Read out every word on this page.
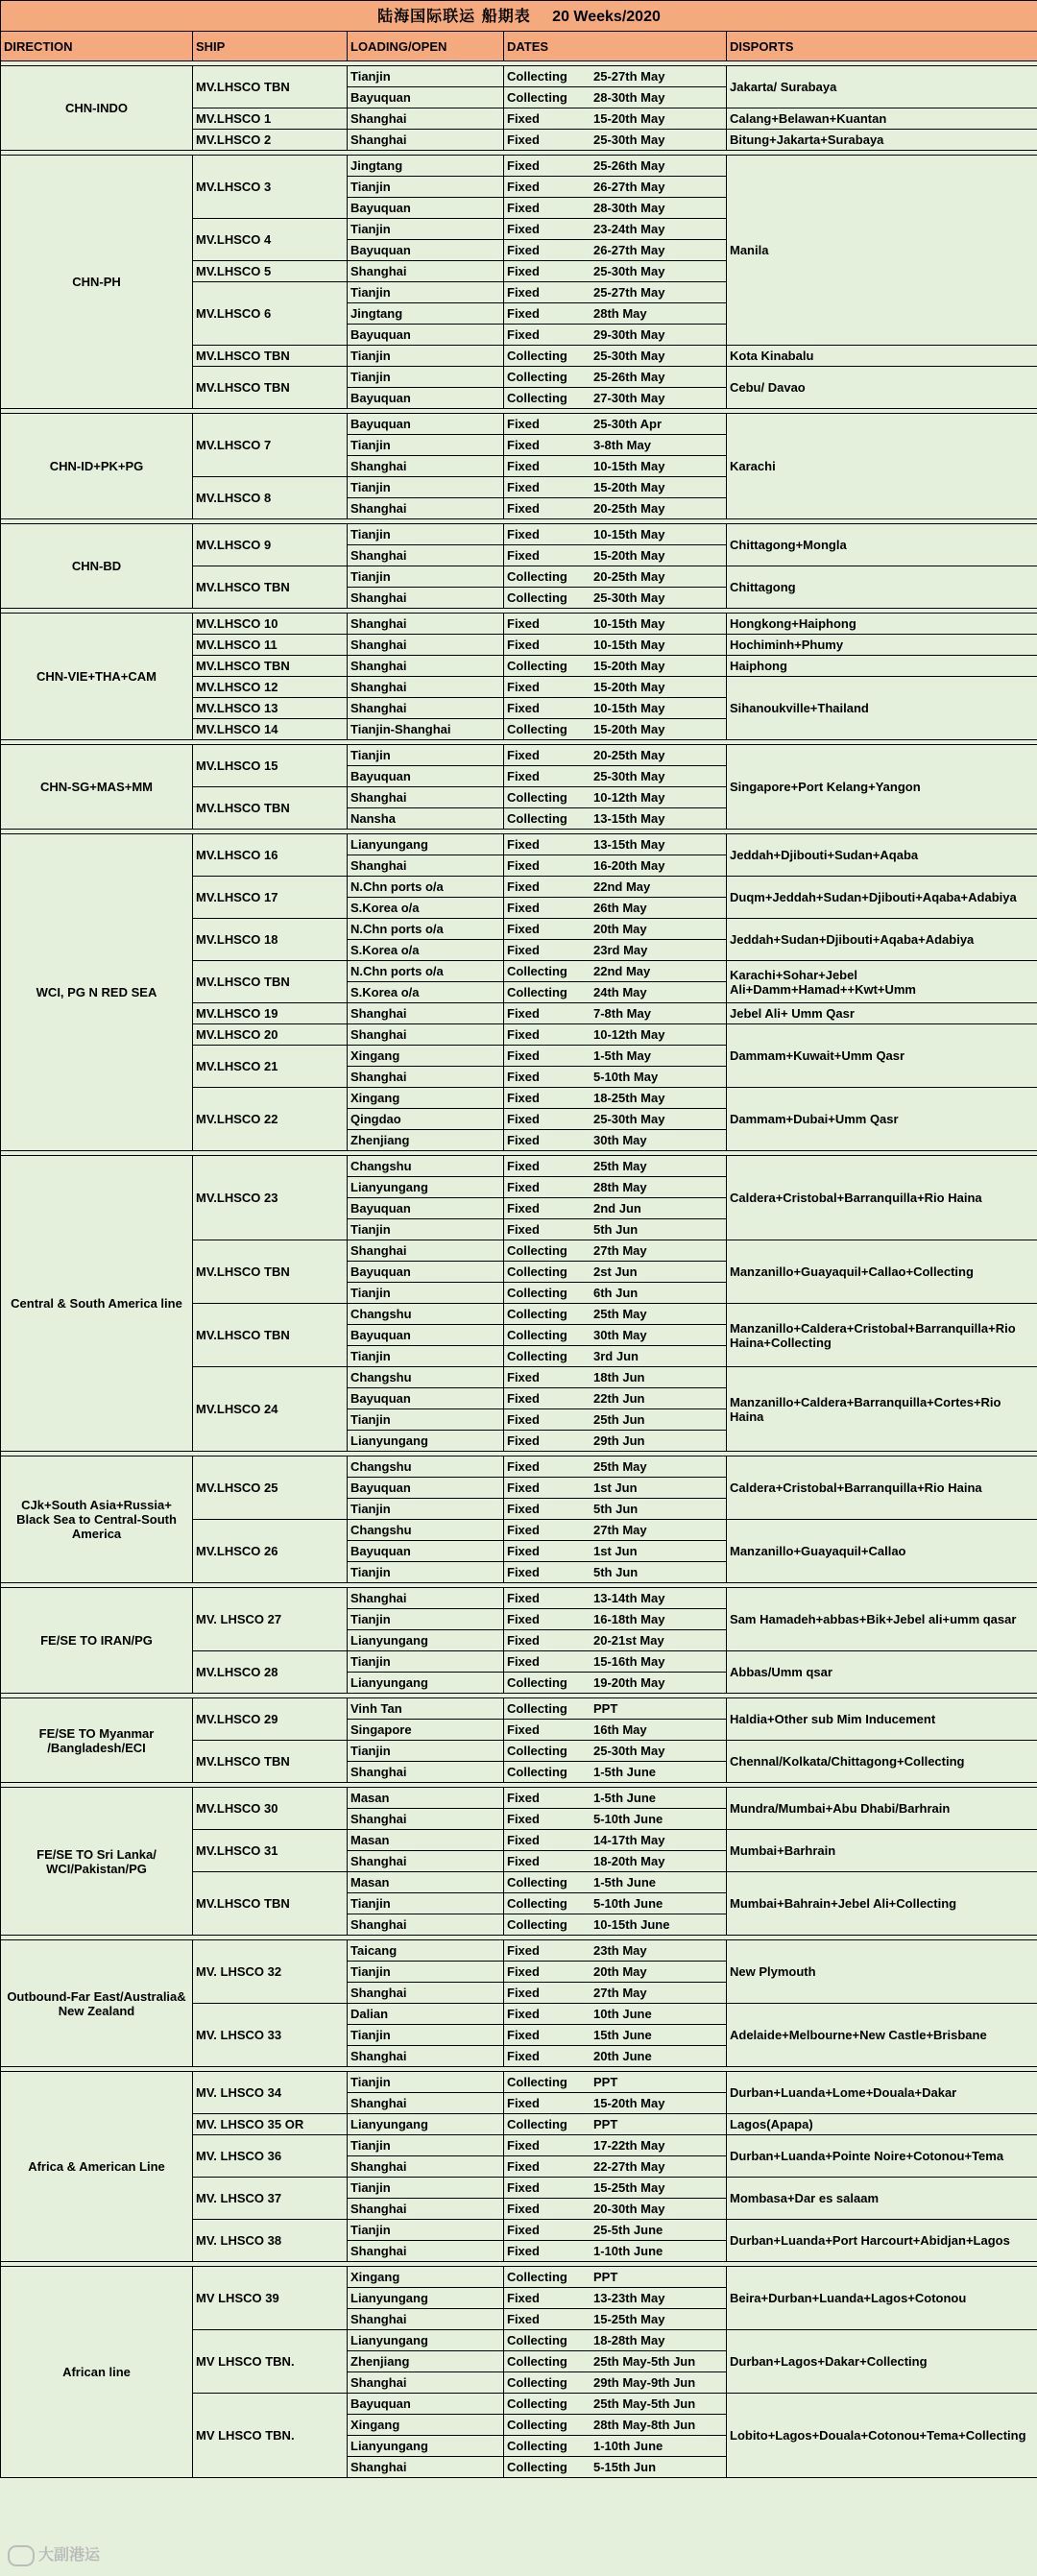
陆海国际联运 船期表 20 Weeks/2020				
DIRECTION	SHIP	LOADING/OPEN	DATES	DISPORTS

CHN-INDO	MV.LHSCO TBN	Tianjin	Collecting 25-27th May	Jakarta/ Surabaya
		Bayuquan	Collecting 28-30th May	
	MV.LHSCO 1	Shanghai	Fixed 15-20th May	Calang+Belawan+Kuantan
	MV.LHSCO 2	Shanghai	Fixed 25-30th May	Bitung+Jakarta+Surabaya

CHN-PH	MV.LHSCO 3	Jingtang	Fixed 25-26th May	Manila
		Tianjin	Fixed 26-27th May	
		Bayuquan	Fixed 28-30th May	
	MV.LHSCO 4	Tianjin	Fixed 23-24th May	
		Bayuquan	Fixed 26-27th May	
	MV.LHSCO 5	Shanghai	Fixed 25-30th May	
	MV.LHSCO 6	Tianjin	Fixed 25-27th May	
		Jingtang	Fixed 28th May	
		Bayuquan	Fixed 29-30th May	
	MV.LHSCO TBN	Tianjin	Collecting 25-30th May	Kota Kinabalu
	MV.LHSCO TBN	Tianjin	Collecting 25-26th May	Cebu/ Davao
		Bayuquan	Collecting 27-30th May	

CHN-ID+PK+PG	MV.LHSCO 7	Bayuquan	Fixed 25-30th Apr	Karachi
		Tianjin	Fixed 3-8th May	
		Shanghai	Fixed 10-15th May	
	MV.LHSCO 8	Tianjin	Fixed 15-20th May	
		Shanghai	Fixed 20-25th May	

CHN-BD	MV.LHSCO 9	Tianjin	Fixed 10-15th May	Chittagong+Mongla
		Shanghai	Fixed 15-20th May	
	MV.LHSCO TBN	Tianjin	Collecting 20-25th May	Chittagong
		Shanghai	Collecting 25-30th May	

CHN-VIE+THA+CAM	MV.LHSCO 10	Shanghai	Fixed 10-15th May	Hongkong+Haiphong
	MV.LHSCO 11	Shanghai	Fixed 10-15th May	Hochiminh+Phumy
	MV.LHSCO TBN	Shanghai	Collecting 15-20th May	Haiphong
	MV.LHSCO 12	Shanghai	Fixed 15-20th May	Sihanoukville+Thailand
	MV.LHSCO 13	Shanghai	Fixed 10-15th May	
	MV.LHSCO 14	Tianjin-Shanghai	Collecting 15-20th May	

CHN-SG+MAS+MM	MV.LHSCO 15	Tianjin	Fixed 20-25th May	Singapore+Port Kelang+Yangon
		Bayuquan	Fixed 25-30th May	
	MV.LHSCO TBN	Shanghai	Collecting 10-12th May	
		Nansha	Collecting 13-15th May	

WCI, PG N RED SEA	MV.LHSCO 16	Lianyungang	Fixed 13-15th May	Jeddah+Djibouti+Sudan+Aqaba
		Shanghai	Fixed 16-20th May	
	MV.LHSCO 17	N.Chn ports o/a	Fixed 22nd May	Duqm+Jeddah+Sudan+Djibouti+Aqaba+Adabiya
		S.Korea o/a	Fixed 26th May	
	MV.LHSCO 18	N.Chn ports o/a	Fixed 20th May	Jeddah+Sudan+Djibouti+Aqaba+Adabiya
		S.Korea o/a	Fixed 23rd May	
	MV.LHSCO TBN	N.Chn ports o/a	Collecting 22nd May	Karachi+Sohar+Jebel Ali+Damm+Hamad++Kwt+Umm
		S.Korea o/a	Collecting 24th May	
	MV.LHSCO 19	Shanghai	Fixed 7-8th May	Jebel Ali+ Umm Qasr
	MV.LHSCO 20	Shanghai	Fixed 10-12th May	Dammam+Kuwait+Umm Qasr
	MV.LHSCO 21	Xingang	Fixed 1-5th May	
		Shanghai	Fixed 5-10th May	
	MV.LHSCO 22	Xingang	Fixed 18-25th May	Dammam+Dubai+Umm Qasr
		Qingdao	Fixed 25-30th May	
		Zhenjiang	Fixed 30th May	

Central & South America line	MV.LHSCO 23	Changshu	Fixed 25th May	Caldera+Cristobal+Barranquilla+Rio Haina
		Lianyungang	Fixed 28th May	
		Bayuquan	Fixed 2nd Jun	
		Tianjin	Fixed 5th Jun	
	MV.LHSCO TBN	Shanghai	Collecting 27th May	Manzanillo+Guayaquil+Callao+Collecting
		Bayuquan	Collecting 2st Jun	
		Tianjin	Collecting 6th Jun	
	MV.LHSCO TBN	Changshu	Collecting 25th May	Manzanillo+Caldera+Cristobal+Barranquilla+Rio Haina+Collecting
		Bayuquan	Collecting 30th May	
		Tianjin	Collecting 3rd Jun	
	MV.LHSCO 24	Changshu	Fixed 18th Jun	Manzanillo+Caldera+Barranquilla+Cortes+Rio Haina
		Bayuquan	Fixed 22th Jun	
		Tianjin	Fixed 25th Jun	
		Lianyungang	Fixed 29th Jun	

CJk+South Asia+Russia+ Black Sea to Central-South America	MV.LHSCO 25	Changshu	Fixed 25th May	Caldera+Cristobal+Barranquilla+Rio Haina
		Bayuquan	Fixed 1st Jun	
		Tianjin	Fixed 5th Jun	
	MV.LHSCO 26	Changshu	Fixed 27th May	Manzanillo+Guayaquil+Callao
		Bayuquan	Fixed 1st Jun	
		Tianjin	Fixed 5th Jun	

FE/SE TO IRAN/PG	MV. LHSCO 27	Shanghai	Fixed 13-14th May	Sam Hamadeh+abbas+Bik+Jebel ali+umm qasar
		Tianjin	Fixed 16-18th May	
		Lianyungang	Fixed 20-21st May	
	MV.LHSCO 28	Tianjin	Fixed 15-16th May	Abbas/Umm qsar
		Lianyungang	Collecting 19-20th May	

FE/SE TO Myanmar /Bangladesh/ECI	MV.LHSCO 29	Vinh Tan	Collecting PPT	Haldia+Other sub Mim Inducement
		Singapore	Fixed 16th May	
	MV.LHSCO TBN	Tianjin	Collecting 25-30th May	Chennal/Kolkata/Chittagong+Collecting
		Shanghai	Collecting 1-5th June	

FE/SE TO Sri Lanka/ WCI/Pakistan/PG	MV.LHSCO 30	Masan	Fixed 1-5th June	Mundra/Mumbai+Abu Dhabi/Barhrain
		Shanghai	Fixed 5-10th June	
	MV.LHSCO 31	Masan	Fixed 14-17th May	Mumbai+Barhrain
		Shanghai	Fixed 18-20th May	
	MV.LHSCO TBN	Masan	Collecting 1-5th June	Mumbai+Bahrain+Jebel Ali+Collecting
		Tianjin	Collecting 5-10th June	
		Shanghai	Collecting 10-15th June	

Outbound-Far East/Australia& New Zealand	MV. LHSCO 32	Taicang	Fixed 23th May	New Plymouth
		Tianjin	Fixed 20th May	
		Shanghai	Fixed 27th May	
	MV. LHSCO 33	Dalian	Fixed 10th June	Adelaide+Melbourne+New Castle+Brisbane
		Tianjin	Fixed 15th June	
		Shanghai	Fixed 20th June	

Africa & American Line	MV. LHSCO 34	Tianjin	Collecting PPT	Durban+Luanda+Lome+Douala+Dakar
		Shanghai	Fixed 15-20th May	
	MV. LHSCO 35 OR	Lianyungang	Collecting PPT	Lagos(Apapa)
	MV. LHSCO 36	Tianjin	Fixed 17-22th May	Durban+Luanda+Pointe Noire+Cotonou+Tema
		Shanghai	Fixed 22-27th May	
	MV. LHSCO 37	Tianjin	Fixed 15-25th May	Mombasa+Dar es salaam
		Shanghai	Fixed 20-30th May	
	MV. LHSCO 38	Tianjin	Fixed 25-5th June	Durban+Luanda+Port Harcourt+Abidjan+Lagos
		Shanghai	Fixed 1-10th June	

African line	MV LHSCO 39	Xingang	Collecting PPT	Beira+Durban+Luanda+Lagos+Cotonou
		Lianyungang	Fixed 13-23th May	
		Shanghai	Fixed 15-25th May	
	MV LHSCO TBN.	Lianyungang	Collecting 18-28th May	Durban+Lagos+Dakar+Collecting
		Zhenjiang	Collecting 25th May-5th Jun	
		Shanghai	Collecting 29th May-9th Jun	
	MV LHSCO TBN.	Bayuquan	Collecting 25th May-5th Jun	Lobito+Lagos+Douala+Cotonou+Tema+Collecting
		Xingang	Collecting 28th May-8th Jun	
		Lianyungang	Collecting 1-10th June	
		Shanghai	Collecting 5-15th Jun	
大副港运
